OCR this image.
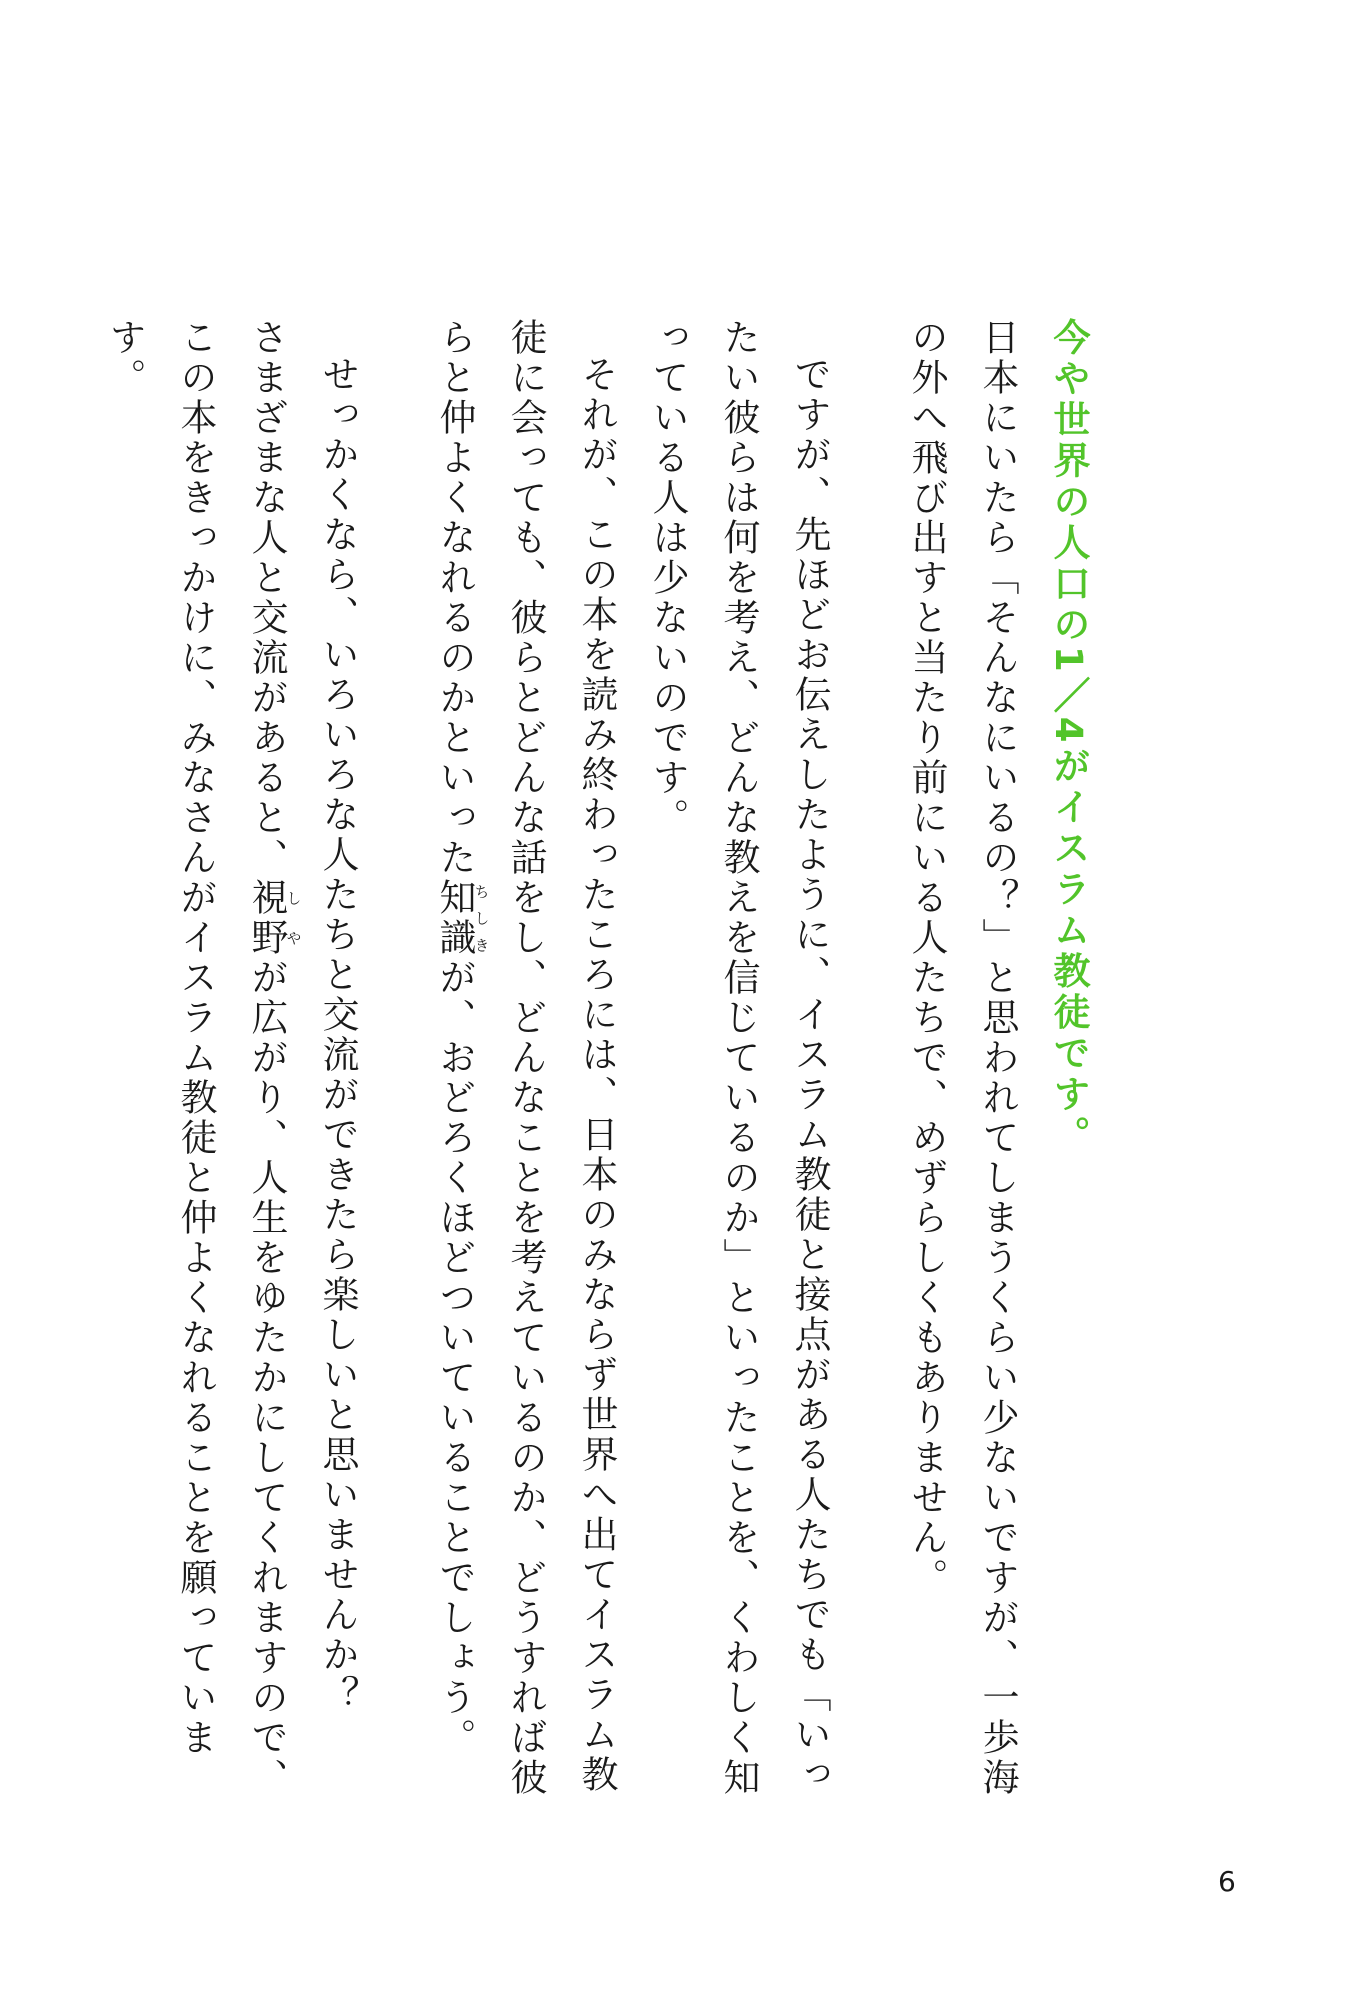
今や世界の人口の1／4がイスラム教徒です。
日本にいたら「そんなにいるの？」と思われてしまうくらい少ないですが、一歩海の外へ飛び出すと当たり前にいる人たちで、めずらしくもありません。
ですが、先ほどお伝えしたように、イスラム教徒と接点がある人たちでも「いったい彼らは何を考え、どんな教えを信じているのか」といったことを、くわしく知っている人は少ないのです。
それが、この本を読み終わったころには、日本のみならず世界へ出てイスラム教徒に会っても、彼らとどんな話をし、どんなことを考えているのか、どうすれば彼らと仲よくなれるのかといった知識ちしきが、おどろくほどついていることでしょう。
せっかくなら、いろいろな人たちと交流ができたら楽しいと思いませんか？
さまざまな人と交流があると、視野しやが広がり、人生をゆたかにしてくれますので、この本をきっかけに、みなさんがイスラム教徒と仲よくなれることを願っています。
6
